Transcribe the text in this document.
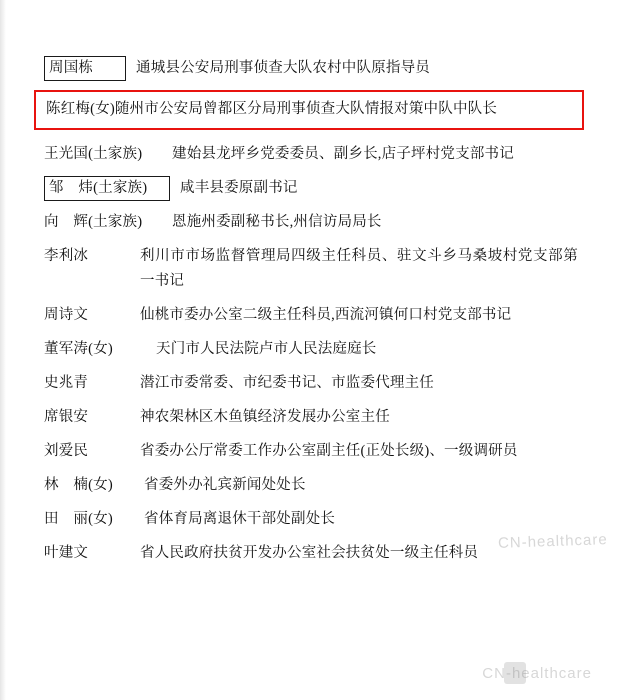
周国栋	通城县公安局刑事侦查大队农村中队原指导员
陈红梅(女) 随州市公安局曾都区分局刑事侦查大队情报对策中队中队长
王光国(土家族)	建始县龙坪乡党委委员、副乡长,店子坪村党支部书记
邹　炜(土家族)	咸丰县委原副书记
向　辉(土家族)	恩施州委副秘书长,州信访局局长
李利冰	利川市市场监督管理局四级主任科员、驻文斗乡马桑坡村党支部第一书记
周诗文	仙桃市委办公室二级主任科员,西流河镇何口村党支部书记
董军涛(女)	天门市人民法院卢市人民法庭庭长
史兆青	潜江市委常委、市纪委书记、市监委代理主任
席银安	神农架林区木鱼镇经济发展办公室主任
刘爱民	省委办公厅常委工作办公室副主任(正处长级)、一级调研员
林　楠(女)	省委外办礼宾新闻处处长
田　丽(女)	省体育局离退休干部处副处长
叶建文	省人民政府扶贫开发办公室社会扶贫处一级主任科员
CN-healthcare
CN-healthcare
